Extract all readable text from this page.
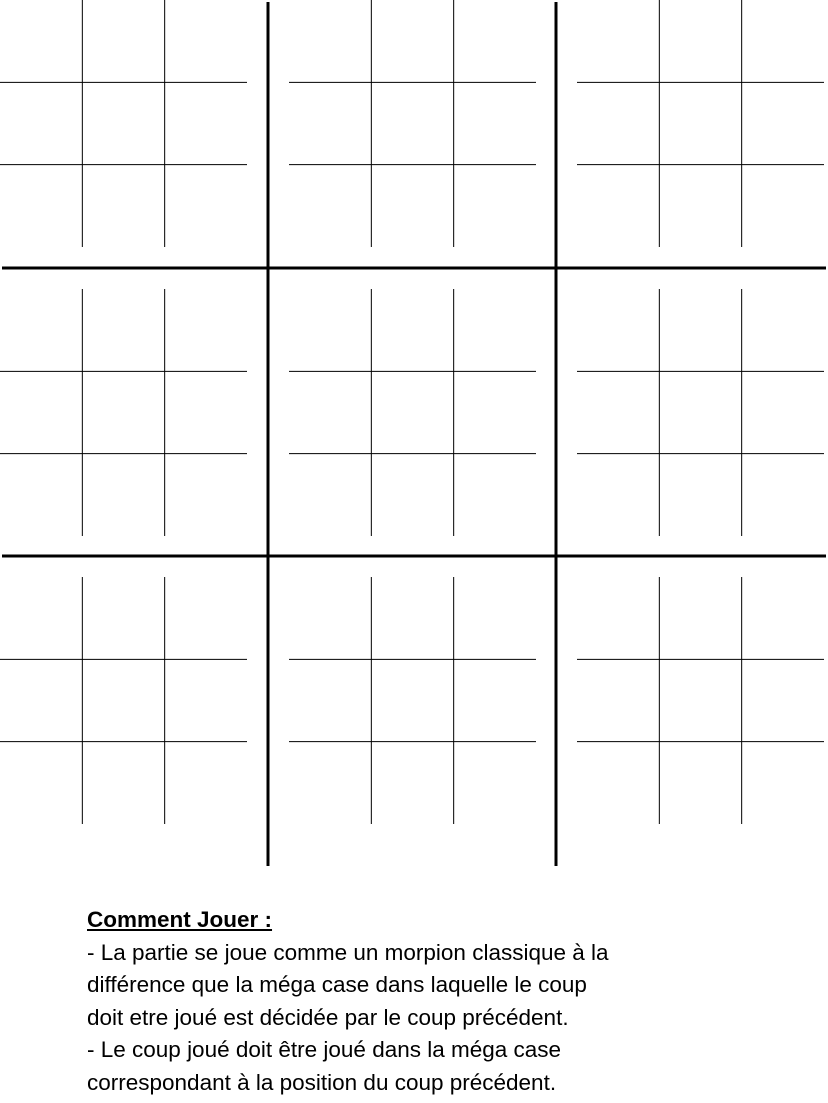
Comment Jouer :

- La partie se joue comme un morpion classique à la

différence que la méga case dans laquelle le coup

doit etre joué est décidée par le coup précédent.

- Le coup joué doit être joué dans la méga case

correspondant à la position du coup précédent.
